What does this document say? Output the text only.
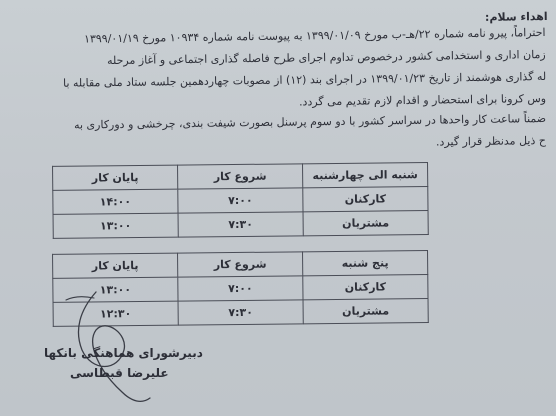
اهداء سلام:
احتراماً، پیرو نامه شماره ۲۲/هـ-ب مورخ ۱۳۹۹/۰۱/۰۹ به پیوست نامه شماره ۱۰۹۳۴ مورخ ۱۳۹۹/۰۱/۱۹
زمان اداری و استخدامی کشور درخصوص تداوم اجرای طرح فاصله گذاری اجتماعی و آغاز مرحله
له گذاری هوشمند از تاریخ ۱۳۹۹/۰۱/۲۳ در اجرای بند (۱۲) از مصوبات چهاردهمین جلسه ستاد ملی مقابله با
وس کرونا برای استحضار و اقدام لازم تقدیم می گردد.
ضمناً ساعت کار واحدها در سراسر کشور با دو سوم پرسنل بصورت شیفت بندی، چرخشی و دورکاری به
ح ذیل مدنظر قرار گیرد.
شنبه الی چهارشنبه	شروع کار	پایان کار
کارکنان	۷:۰۰	۱۴:۰۰
مشتریان	۷:۳۰	۱۳:۰۰
پنج شنبه	شروع کار	پایان کار
کارکنان	۷:۰۰	۱۳:۰۰
مشتریان	۷:۳۰	۱۲:۳۰
دبیرشورای هماهنگی بانکها
علیرضا قبطاسی
